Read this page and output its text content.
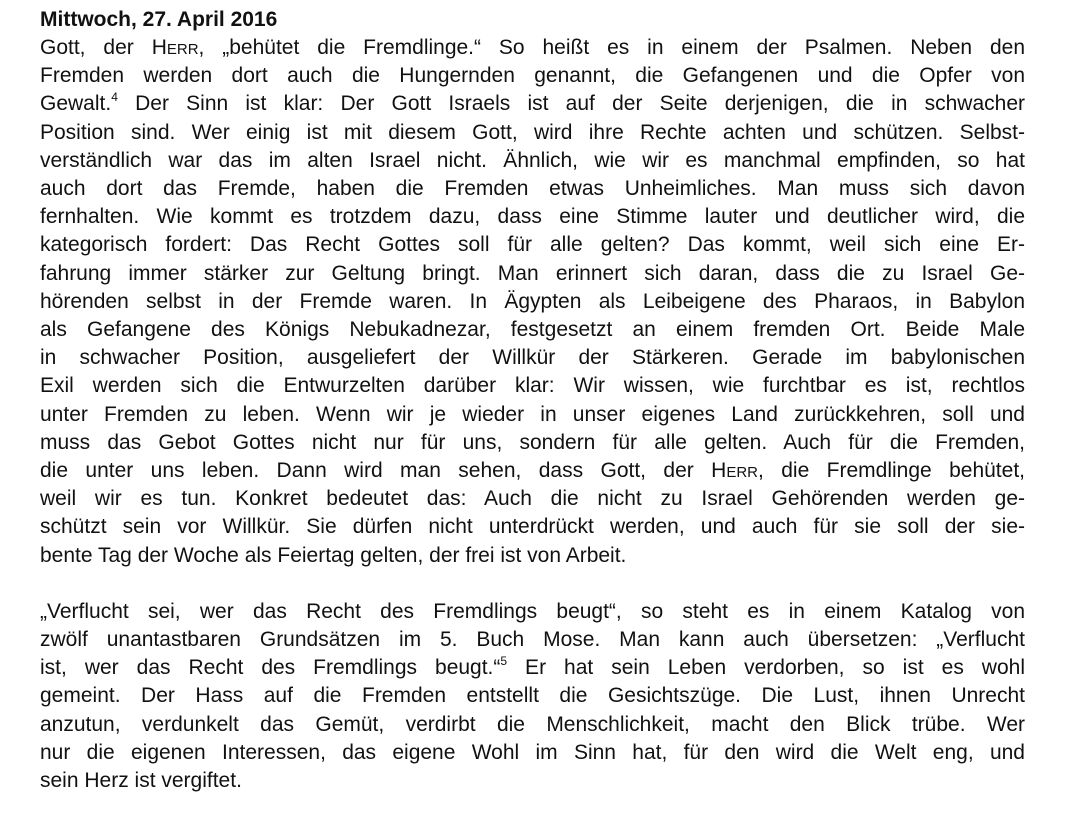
Mittwoch, 27. April 2016
Gott, der Herr, „behütet die Fremdlinge.“ So heißt es in einem der Psalmen. Neben den
Fremden werden dort auch die Hungernden genannt, die Gefangenen und die Opfer von
Gewalt.$^4$ Der Sinn ist klar: Der Gott Israels ist auf der Seite derjenigen, die in schwacher
Position sind. Wer einig ist mit diesem Gott, wird ihre Rechte achten und schützen. Selbst-
verständlich war das im alten Israel nicht. Ähnlich, wie wir es manchmal empfinden, so hat
auch dort das Fremde, haben die Fremden etwas Unheimliches. Man muss sich davon
fernhalten. Wie kommt es trotzdem dazu, dass eine Stimme lauter und deutlicher wird, die
kategorisch fordert: Das Recht Gottes soll für alle gelten? Das kommt, weil sich eine Er-
fahrung immer stärker zur Geltung bringt. Man erinnert sich daran, dass die zu Israel Ge-
hörenden selbst in der Fremde waren. In Ägypten als Leibeigene des Pharaos, in Babylon
als Gefangene des Königs Nebukadnezar, festgesetzt an einem fremden Ort. Beide Male
in schwacher Position, ausgeliefert der Willkür der Stärkeren. Gerade im babylonischen
Exil werden sich die Entwurzelten darüber klar: Wir wissen, wie furchtbar es ist, rechtlos
unter Fremden zu leben. Wenn wir je wieder in unser eigenes Land zurückkehren, soll und
muss das Gebot Gottes nicht nur für uns, sondern für alle gelten. Auch für die Fremden,
die unter uns leben. Dann wird man sehen, dass Gott, der Herr, die Fremdlinge behütet,
weil wir es tun. Konkret bedeutet das: Auch die nicht zu Israel Gehörenden werden ge-
schützt sein vor Willkür. Sie dürfen nicht unterdrückt werden, und auch für sie soll der sie-
bente Tag der Woche als Feiertag gelten, der frei ist von Arbeit.
„Verflucht sei, wer das Recht des Fremdlings beugt“, so steht es in einem Katalog von
zwölf unantastbaren Grundsätzen im 5. Buch Mose. Man kann auch übersetzen: „Verflucht
ist, wer das Recht des Fremdlings beugt.“$^5$ Er hat sein Leben verdorben, so ist es wohl
gemeint. Der Hass auf die Fremden entstellt die Gesichtszüge. Die Lust, ihnen Unrecht
anzutun, verdunkelt das Gemüt, verdirbt die Menschlichkeit, macht den Blick trübe. Wer
nur die eigenen Interessen, das eigene Wohl im Sinn hat, für den wird die Welt eng, und
sein Herz ist vergiftet.
